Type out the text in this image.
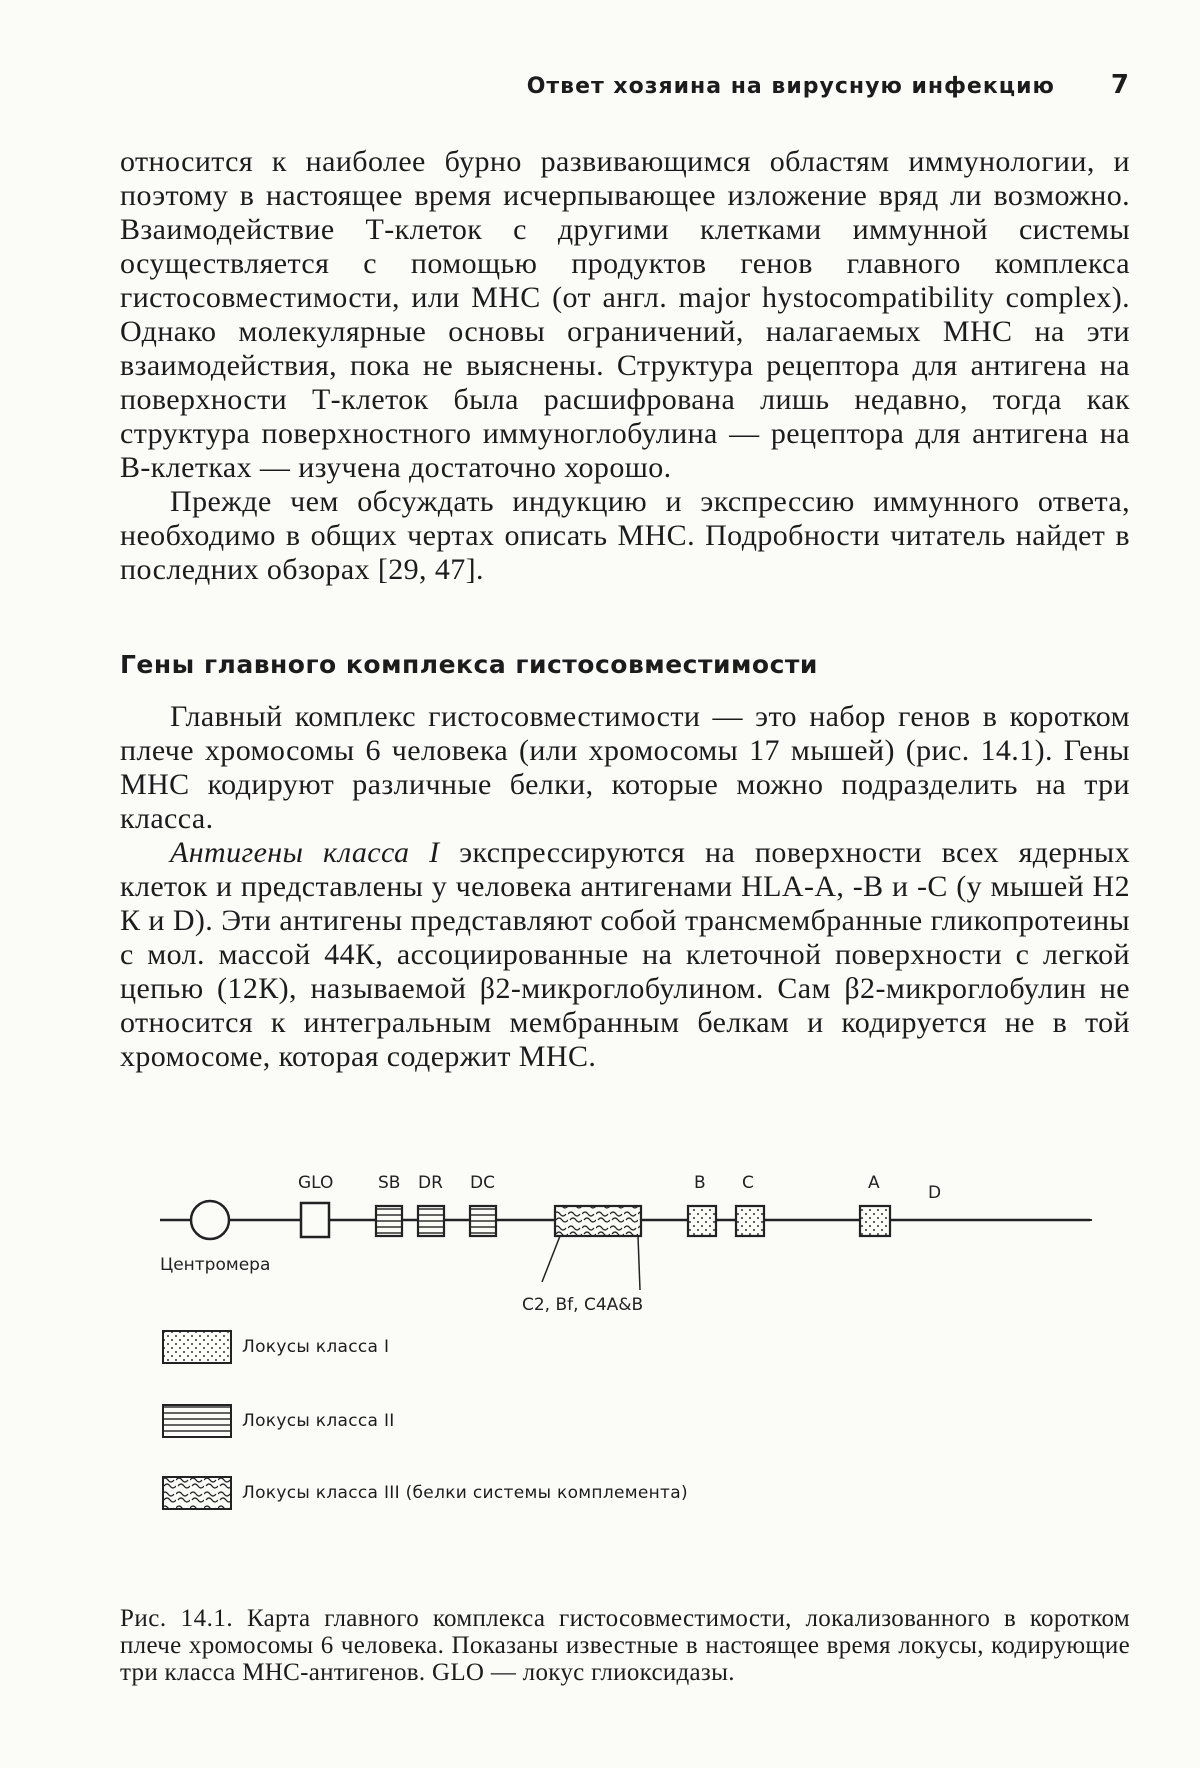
Ответ хозяина на вирусную инфекцию 7

относится к наиболее бурно развивающимся областям иммунологии, и поэтому в настоящее время исчерпывающее изложение вряд ли возможно. Взаимодействие Т-клеток с другими клетками иммунной системы осуществляется с помощью продуктов генов главного комплекса гистосовместимости, или МНС (от англ. major hystocompatibility complex). Однако молекулярные основы ограничений, налагаемых МНС на эти взаимодействия, пока не выяснены. Структура рецептора для антигена на поверхности Т-клеток была расшифрована лишь недавно, тогда как структура поверхностного иммуноглобулина — рецептора для антигена на В-клетках — изучена достаточно хорошо.

Прежде чем обсуждать индукцию и экспрессию иммунного ответа, необходимо в общих чертах описать МНС. Подробности читатель найдет в последних обзорах [29, 47].

Гены главного комплекса гистосовместимости

Главный комплекс гистосовместимости — это набор генов в коротком плече хромосомы 6 человека (или хромосомы 17 мышей) (рис. 14.1). Гены МНС кодируют различные белки, которые можно подразделить на три класса.

Антигены класса I экспрессируются на поверхности всех ядерных клеток и представлены у человека антигенами HLA-A, -B и -C (у мышей Н2 К и D). Эти антигены представляют собой трансмембранные гликопротеины с мол. массой 44К, ассоциированные на клеточной поверхности с легкой цепью (12К), называемой β2-микроглобулином. Сам β2-микроглобулин не относится к интегральным мембранным белкам и кодируется не в той хромосоме, которая содержит МНС.

Центромера
GLO	SB DR DC
C2, Bf, C4A&B
B C	A	D
Локусы класса I
Локусы класса II
Локусы класса III (белки системы комплемента)
Рис. 14.1. Карта главного комплекса гистосовместимости, локализованного в коротком плече хромосомы 6 человека. Показаны известные в настоящее время локусы, кодирующие три класса МНС-антигенов. GLO — локус глиоксидазы.
